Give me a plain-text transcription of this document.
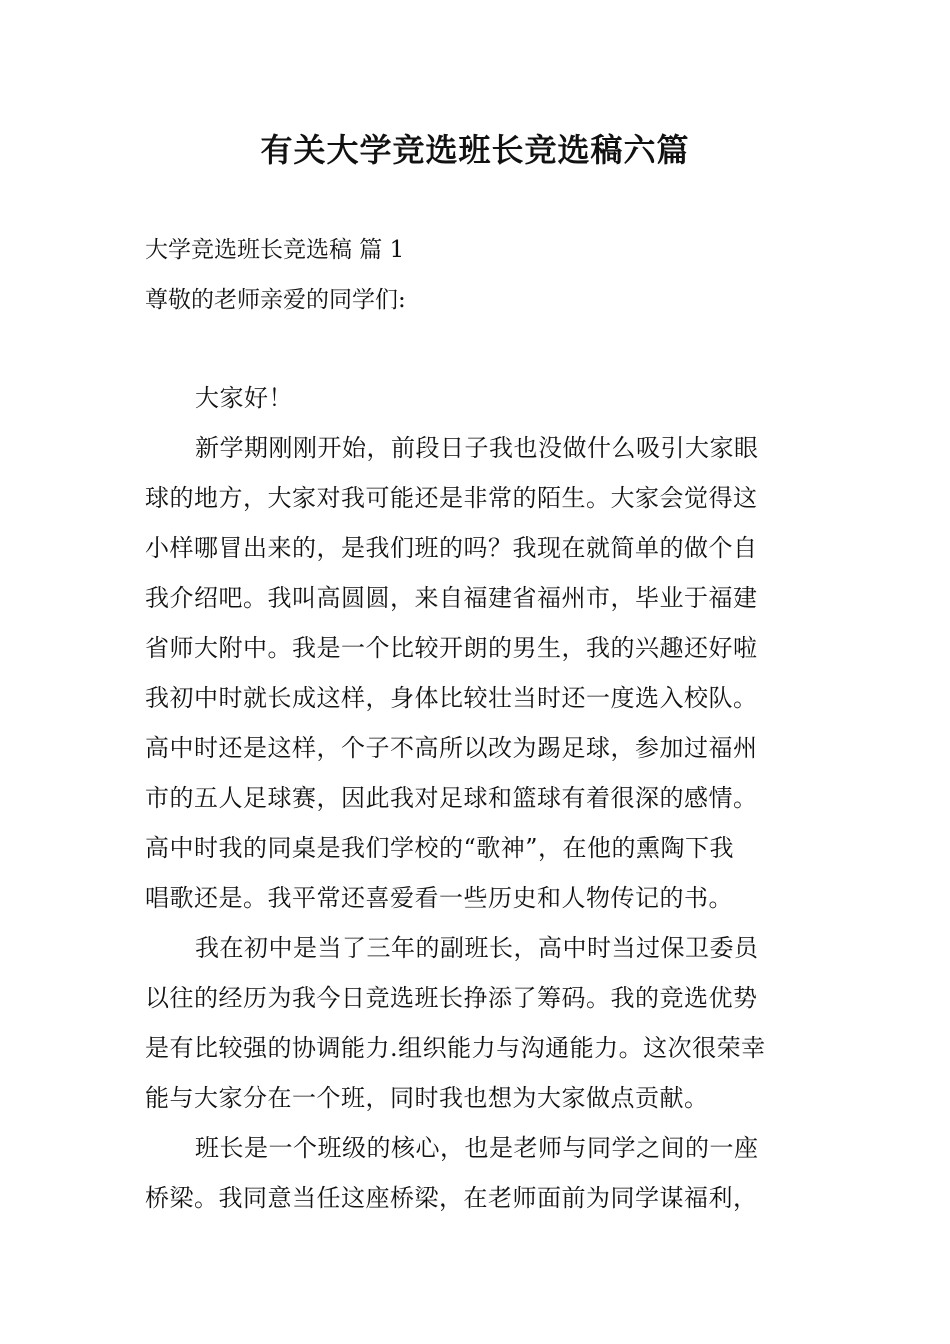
有关大学竞选班长竞选稿六篇
大学竞选班长竞选稿 篇 1
尊敬的老师亲爱的同学们:
大家好！
新学期刚刚开始，前段日子我也没做什么吸引大家眼
球的地方，大家对我可能还是非常的陌生。大家会觉得这
小样哪冒出来的，是我们班的吗？我现在就简单的做个自
我介绍吧。我叫高圆圆，来自福建省福州市，毕业于福建
省师大附中。我是一个比较开朗的男生，我的兴趣还好啦
我初中时就长成这样，身体比较壮当时还一度选入校队。
高中时还是这样，个子不高所以改为踢足球，参加过福州
市的五人足球赛，因此我对足球和篮球有着很深的感情。
高中时我的同桌是我们学校的“歌神”，在他的熏陶下我
唱歌还是。我平常还喜爱看一些历史和人物传记的书。
我在初中是当了三年的副班长，高中时当过保卫委员
以往的经历为我今日竞选班长挣添了筹码。我的竞选优势
是有比较强的协调能力.组织能力与沟通能力。这次很荣幸
能与大家分在一个班，同时我也想为大家做点贡献。
班长是一个班级的核心，也是老师与同学之间的一座
桥梁。我同意当任这座桥梁，在老师面前为同学谋福利，
